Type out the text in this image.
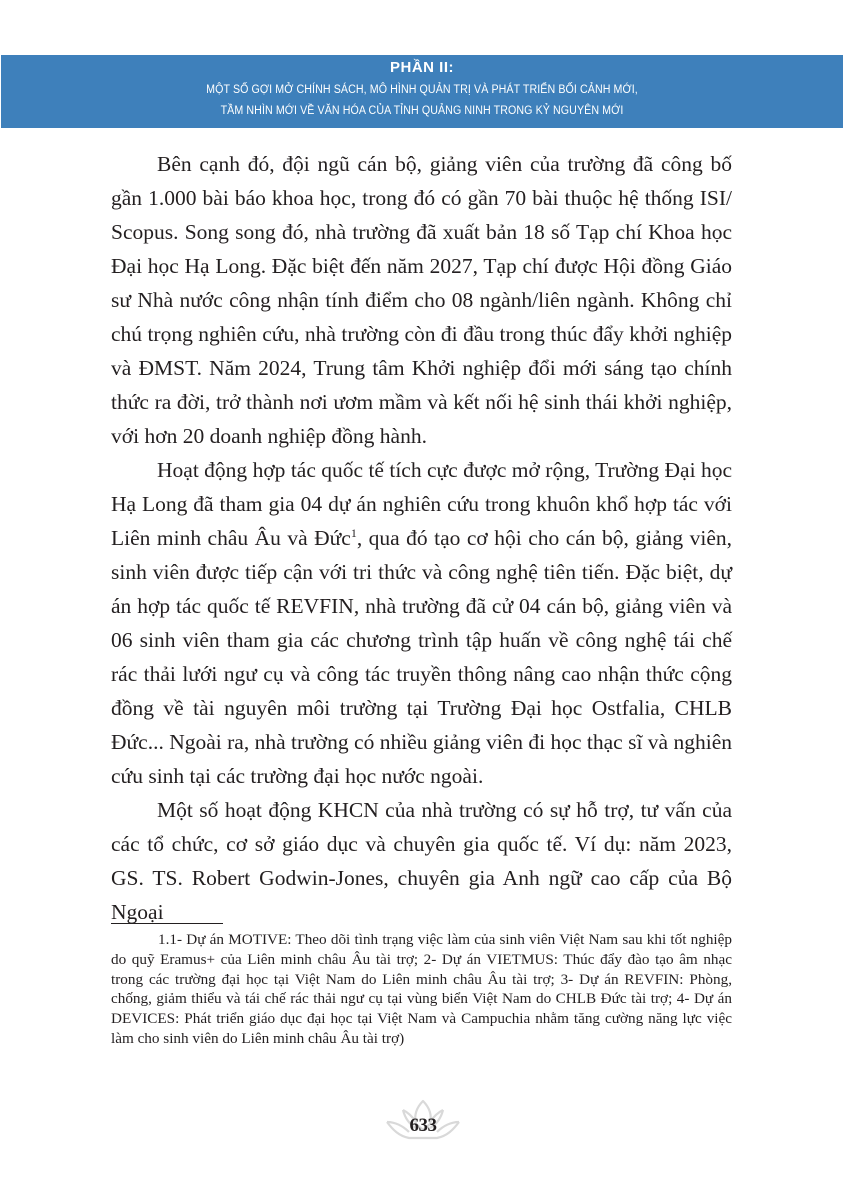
PHẦN II:
MỘT SỐ GỢI MỞ CHÍNH SÁCH, MÔ HÌNH QUẢN TRỊ VÀ PHÁT TRIỂN BỐI CẢNH MỚI,
TẦM NHÌN MỚI VỀ VĂN HÓA CỦA TỈNH QUẢNG NINH TRONG KỶ NGUYÊN MỚI

Bên cạnh đó, đội ngũ cán bộ, giảng viên của trường đã công bố gần 1.000 bài báo khoa học, trong đó có gần 70 bài thuộc hệ thống ISI/ Scopus. Song song đó, nhà trường đã xuất bản 18 số Tạp chí Khoa học Đại học Hạ Long. Đặc biệt đến năm 2027, Tạp chí được Hội đồng Giáo sư Nhà nước công nhận tính điểm cho 08 ngành/liên ngành. Không chỉ chú trọng nghiên cứu, nhà trường còn đi đầu trong thúc đẩy khởi nghiệp và ĐMST. Năm 2024, Trung tâm Khởi nghiệp đổi mới sáng tạo chính thức ra đời, trở thành nơi ươm mầm và kết nối hệ sinh thái khởi nghiệp, với hơn 20 doanh nghiệp đồng hành.

Hoạt động hợp tác quốc tế tích cực được mở rộng, Trường Đại học Hạ Long đã tham gia 04 dự án nghiên cứu trong khuôn khổ hợp tác với Liên minh châu Âu và Đức$^1$, qua đó tạo cơ hội cho cán bộ, giảng viên, sinh viên được tiếp cận với tri thức và công nghệ tiên tiến. Đặc biệt, dự án hợp tác quốc tế REVFIN, nhà trường đã cử 04 cán bộ, giảng viên và 06 sinh viên tham gia các chương trình tập huấn về công nghệ tái chế rác thải lưới ngư cụ và công tác truyền thông nâng cao nhận thức cộng đồng về tài nguyên môi trường tại Trường Đại học Ostfalia, CHLB Đức... Ngoài ra, nhà trường có nhiều giảng viên đi học thạc sĩ và nghiên cứu sinh tại các trường đại học nước ngoài.

Một số hoạt động KHCN của nhà trường có sự hỗ trợ, tư vấn của các tổ chức, cơ sở giáo dục và chuyên gia quốc tế. Ví dụ: năm 2023, GS. TS. Robert Godwin-Jones, chuyên gia Anh ngữ cao cấp của Bộ Ngoại

1.1- Dự án MOTIVE: Theo dõi tình trạng việc làm của sinh viên Việt Nam sau khi tốt nghiệp do quỹ Eramus+ của Liên minh châu Âu tài trợ; 2- Dự án VIETMUS: Thúc đẩy đào tạo âm nhạc trong các trường đại học tại Việt Nam do Liên minh châu Âu tài trợ; 3- Dự án REVFIN: Phòng, chống, giảm thiểu và tái chế rác thải ngư cụ tại vùng biển Việt Nam do CHLB Đức tài trợ; 4- Dự án DEVICES: Phát triển giáo dục đại học tại Việt Nam và Campuchia nhằm tăng cường năng lực việc làm cho sinh viên do Liên minh châu Âu tài trợ)

633
